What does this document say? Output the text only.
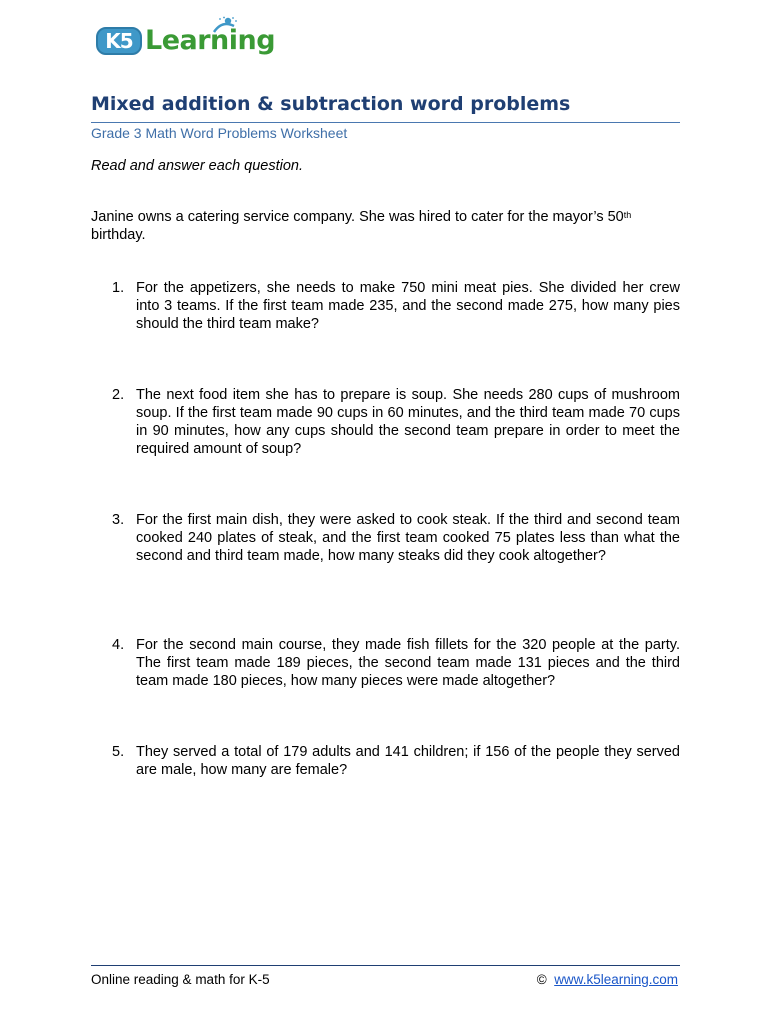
K5 Learning
Mixed addition & subtraction word problems
Grade 3 Math Word Problems Worksheet
Read and answer each question.
Janine owns a catering service company. She was hired to cater for the mayor’s 50th birthday.
1. For the appetizers, she needs to make 750 mini meat pies. She divided her crew into 3 teams. If the first team made 235, and the second made 275, how many pies should the third team make?
2. The next food item she has to prepare is soup. She needs 280 cups of mushroom soup. If the first team made 90 cups in 60 minutes, and the third team made 70 cups in 90 minutes, how any cups should the second team prepare in order to meet the required amount of soup?
3. For the first main dish, they were asked to cook steak. If the third and second team cooked 240 plates of steak, and the first team cooked 75 plates less than what the second and third team made, how many steaks did they cook altogether?
4. For the second main course, they made fish fillets for the 320 people at the party. The first team made 189 pieces, the second team made 131 pieces and the third team made 180 pieces, how many pieces were made altogether?
5. They served a total of 179 adults and 141 children; if 156 of the people they served are male, how many are female?
Online reading & math for K-5	© www.k5learning.com
